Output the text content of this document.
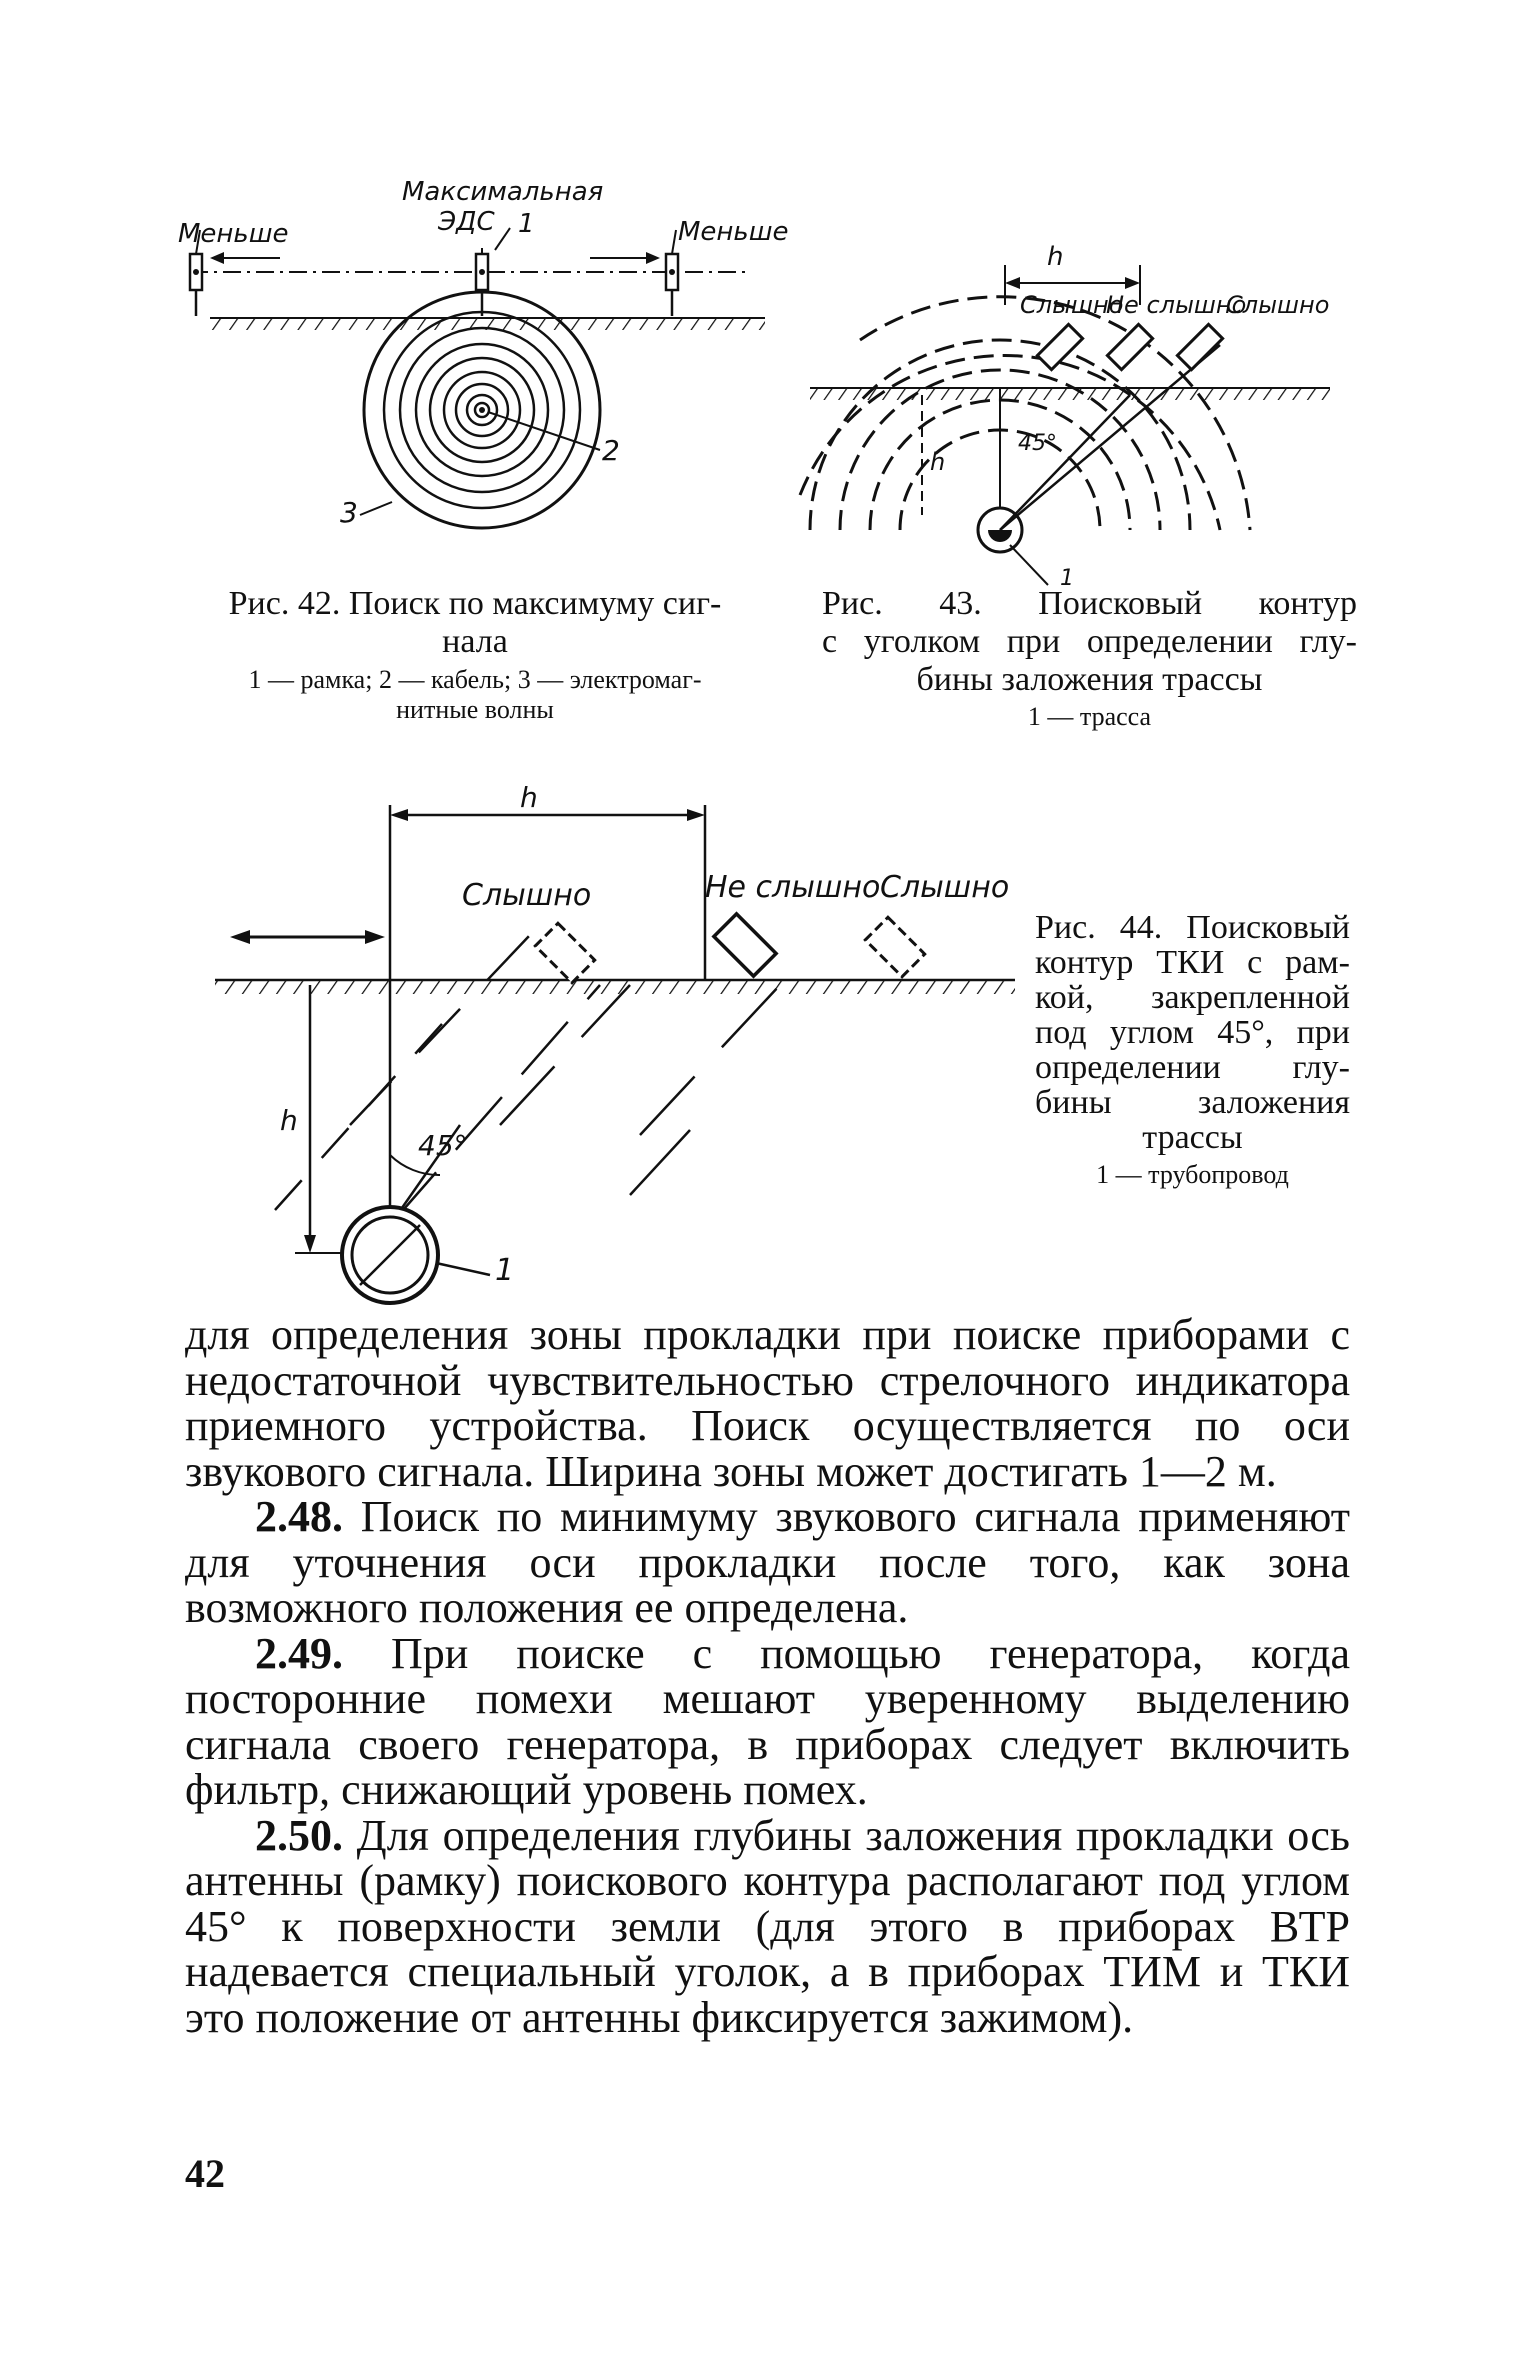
Максимальная
ЭДС 1
Меньше	Меньше
2
3
Рис. 42. Поиск по максимуму сиг-
нала
1 — рамка; 2 — кабель; 3 — электромаг-
нитные волны
h
Слышно
Не слышно
Слышно
45°
h
1
Рис. 43. Поисковый контур
с уголком при определении глу-
бины заложения трассы
1 — трасса
h
Слышно	Не слышно Слышно
45°
h
1
Рис. 44. Поисковый
контур ТКИ с рам-
кой, закрепленной
под углом 45°, при
определении глу-
бины заложения
трассы
1 — трубопровод

для определения зоны прокладки при поиске приборами с недостаточной чувствительностью стрелочного индикатора приемного устройства. Поиск осуществляется по оси звукового сигнала. Ширина зоны может достигать 1—2 м.

2.48. Поиск по минимуму звукового сигнала применяют для уточнения оси прокладки после того, как зона возможного положения ее определена.

2.49. При поиске с помощью генератора, когда посторонние помехи мешают уверенному выделению сигнала своего генератора, в приборах следует включить фильтр, снижающий уровень помех.

2.50. Для определения глубины заложения прокладки ось антенны (рамку) поискового контура располагают под углом 45° к поверхности земли (для этого в приборах ВТР надевается специальный уголок, а в приборах ТИМ и ТКИ это положение от антенны фиксируется зажимом).

42
